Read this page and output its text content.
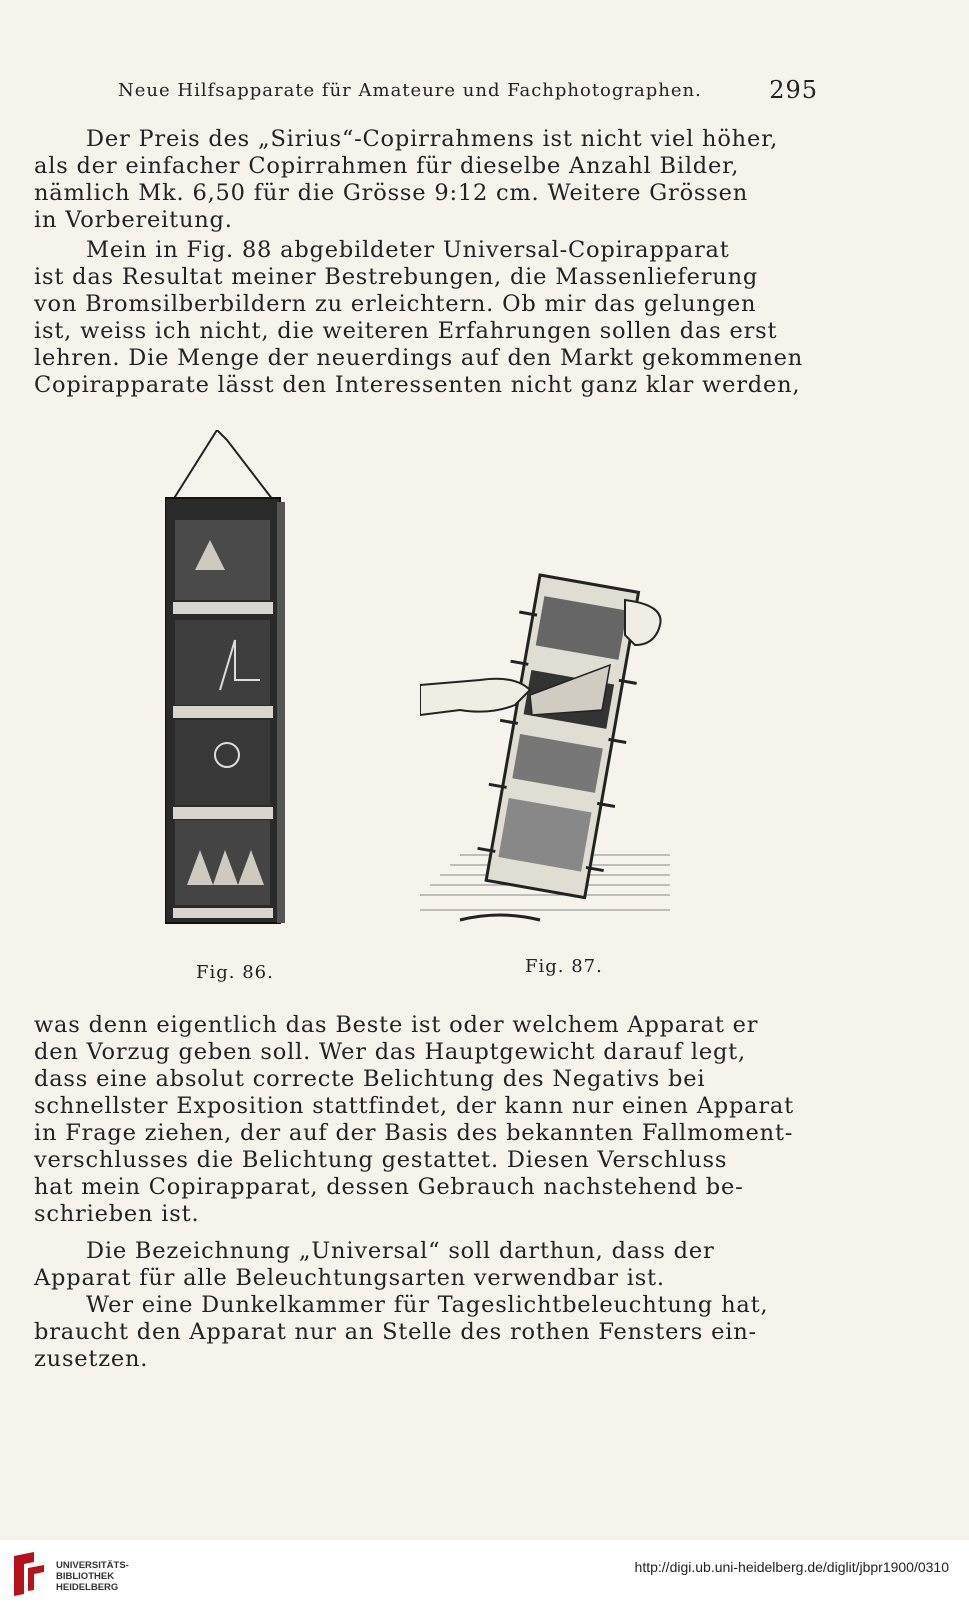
Neue Hilfsapparate für Amateure und Fachphotographen.	295

Der Preis des „Sirius“-Copirrahmens ist nicht viel höher,
als der einfacher Copirrahmen für dieselbe Anzahl Bilder,
nämlich Mk. 6,50 für die Grösse 9:12 cm. Weitere Grössen
in Vorbereitung.

Mein in Fig. 88 abgebildeter Universal-Copirapparat
ist das Resultat meiner Bestrebungen, die Massenlieferung
von Bromsilberbildern zu erleichtern. Ob mir das gelungen
ist, weiss ich nicht, die weiteren Erfahrungen sollen das erst
lehren. Die Menge der neuerdings auf den Markt gekommenen
Copirapparate lässt den Interessenten nicht ganz klar werden,

Fig. 86.	Fig. 87.

was denn eigentlich das Beste ist oder welchem Apparat er
den Vorzug geben soll. Wer das Hauptgewicht darauf legt,
dass eine absolut correcte Belichtung des Negativs bei
schnellster Exposition stattfindet, der kann nur einen Apparat
in Frage ziehen, der auf der Basis des bekannten Fallmoment-
verschlusses die Belichtung gestattet. Diesen Verschluss
hat mein Copirapparat, dessen Gebrauch nachstehend be-
schrieben ist.

Die Bezeichnung „Universal“ soll darthun, dass der
Apparat für alle Beleuchtungsarten verwendbar ist.

Wer eine Dunkelkammer für Tageslichtbeleuchtung hat,
braucht den Apparat nur an Stelle des rothen Fensters ein-
zusetzen.

UNIVERSITÄTS-
BIBLIOTHEK
HEIDELBERG
http://digi.ub.uni-heidelberg.de/diglit/jbpr1900/0310
